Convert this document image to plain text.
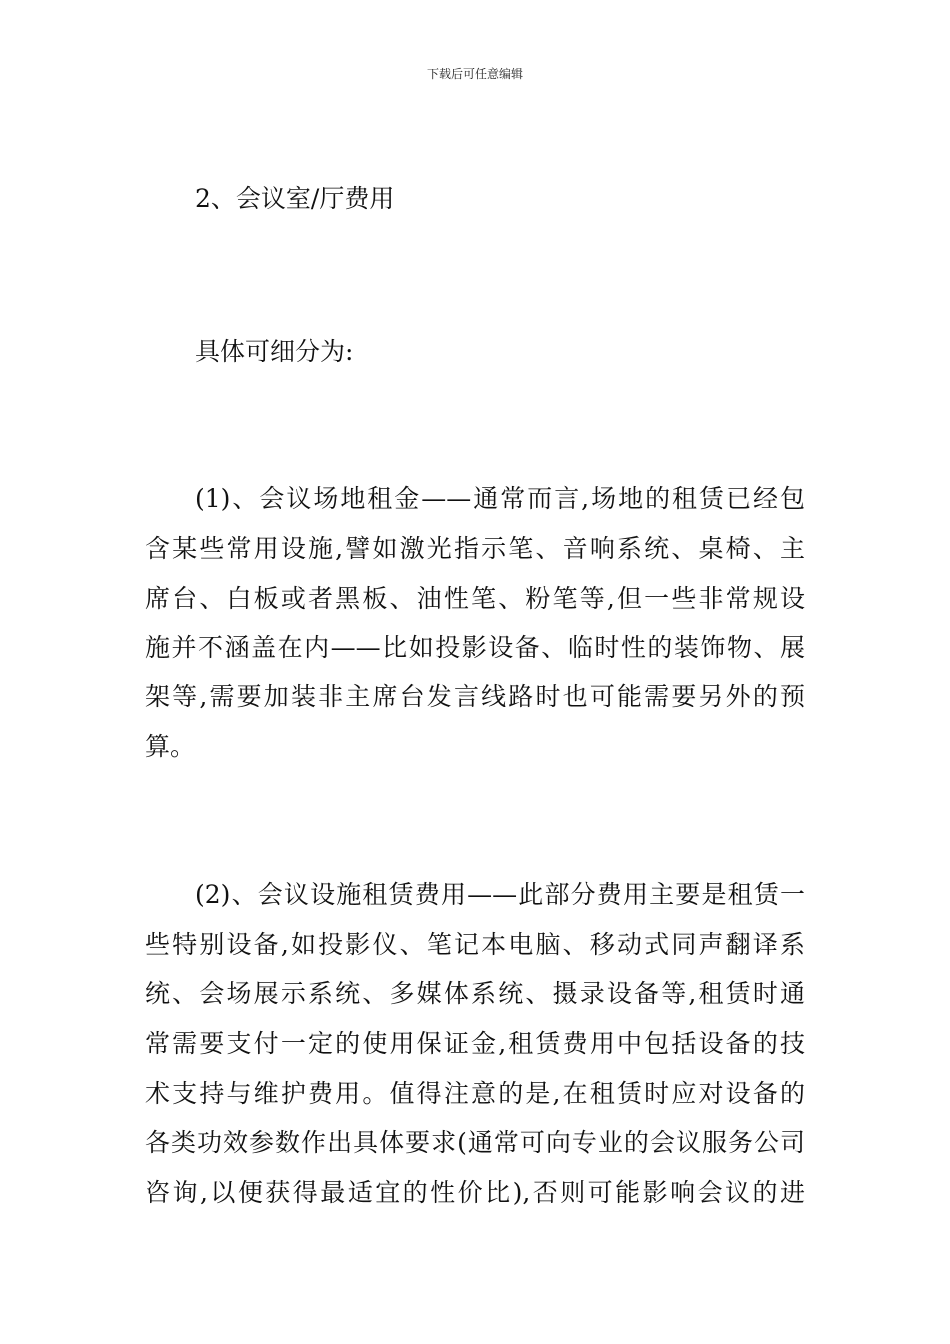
下载后可任意编辑
2、会议室/厅费用
具体可细分为:
(1)、会议场地租金——通常而言,场地的租赁已经包
含某些常用设施,譬如激光指示笔、音响系统、桌椅、主
席台、白板或者黑板、油性笔、粉笔等,但一些非常规设
施并不涵盖在内——比如投影设备、临时性的装饰物、展
架等,需要加装非主席台发言线路时也可能需要另外的预
算。
(2)、会议设施租赁费用——此部分费用主要是租赁一
些特别设备,如投影仪、笔记本电脑、移动式同声翻译系
统、会场展示系统、多媒体系统、摄录设备等,租赁时通
常需要支付一定的使用保证金,租赁费用中包括设备的技
术支持与维护费用。值得注意的是,在租赁时应对设备的
各类功效参数作出具体要求(通常可向专业的会议服务公司
咨询,以便获得最适宜的性价比),否则可能影响会议的进
